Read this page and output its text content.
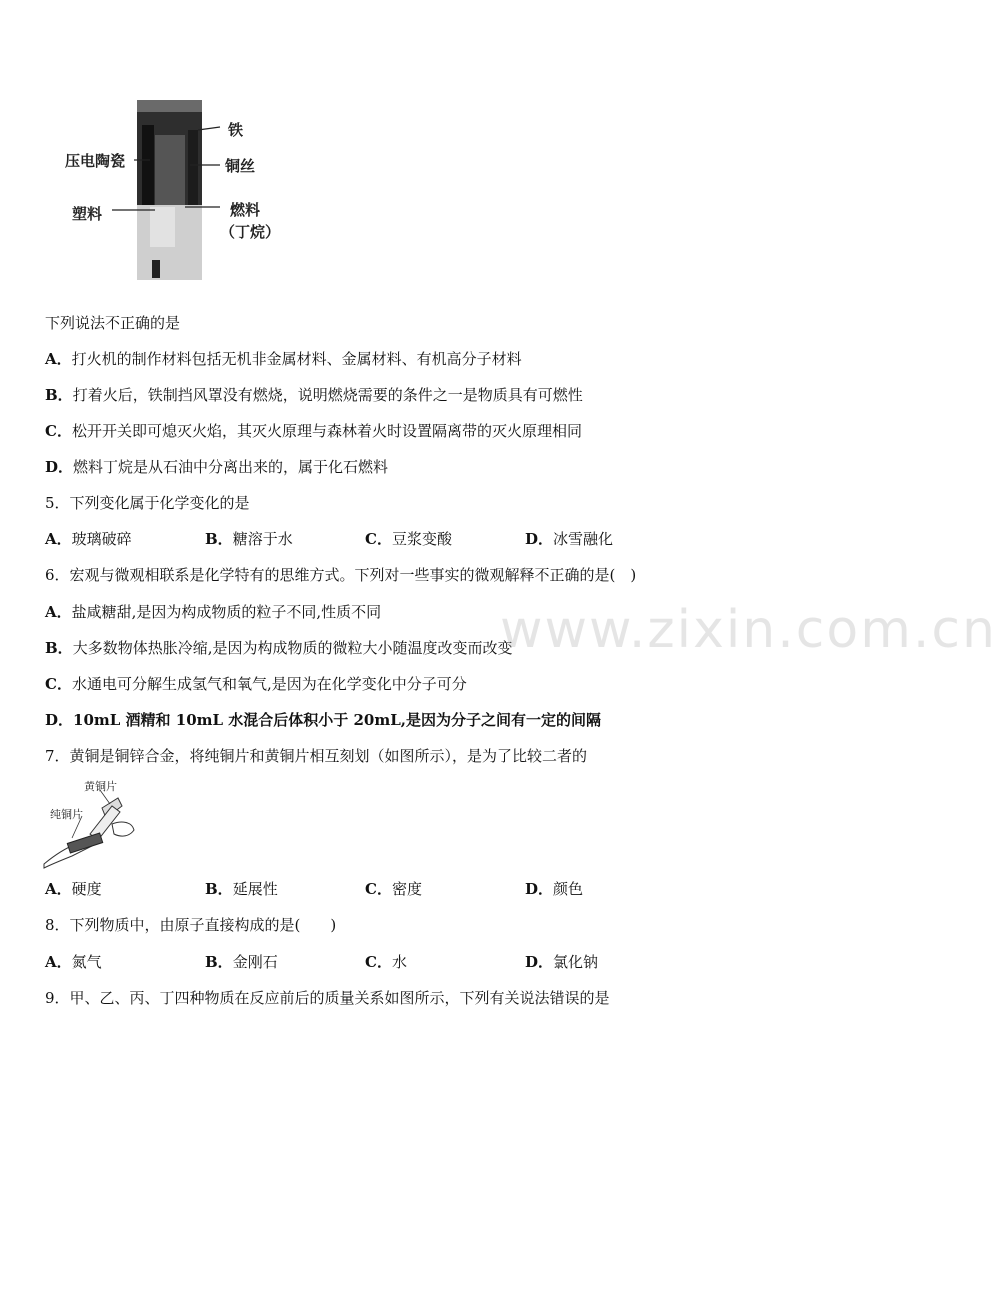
铁
压电陶瓷	铜丝
塑料	燃料
（丁烷）
下列说法不正确的是
A．打火机的制作材料包括无机非金属材料、金属材料、有机高分子材料
B．打着火后，铁制挡风罩没有燃烧，说明燃烧需要的条件之一是物质具有可燃性
C．松开开关即可熄灭火焰，其灭火原理与森林着火时设置隔离带的灭火原理相同
D．燃料丁烷是从石油中分离出来的，属于化石燃料
5．下列变化属于化学变化的是
A．玻璃破碎	B．糖溶于水	C．豆浆变酸	D．冰雪融化
6．宏观与微观相联系是化学特有的思维方式。下列对一些事实的微观解释不正确的是(　)
A．盐咸糖甜,是因为构成物质的粒子不同,性质不同
B．大多数物体热胀冷缩,是因为构成物质的微粒大小随温度改变而改变
C．水通电可分解生成氢气和氧气,是因为在化学变化中分子可分
D．10mL 酒精和 10mL 水混合后体积小于 20mL,是因为分子之间有一定的间隔
7．黄铜是铜锌合金，将纯铜片和黄铜片相互刻划（如图所示），是为了比较二者的
黄铜片
纯铜片
A．硬度	B．延展性	C．密度	D．颜色
8．下列物质中，由原子直接构成的是(　　)
A．氮气	B．金刚石	C．水	D．氯化钠
9．甲、乙、丙、丁四种物质在反应前后的质量关系如图所示，下列有关说法错误的是
www.zixin.com.cn
